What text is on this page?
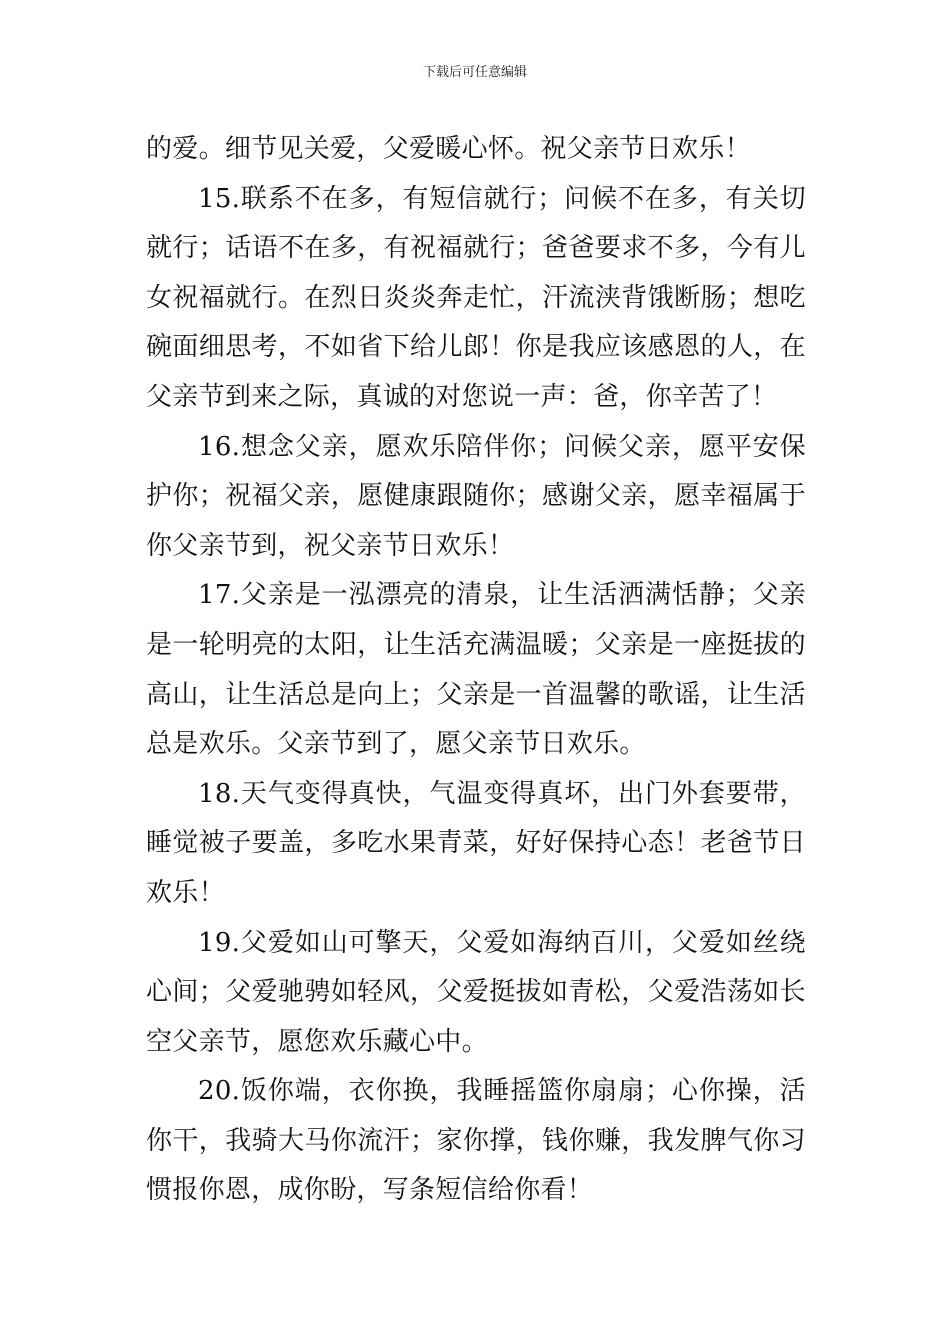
下载后可任意编辑

的爱。细节见关爱，父爱暖心怀。祝父亲节日欢乐！

15.联系不在多，有短信就行；问候不在多，有关切就行；话语不在多，有祝福就行；爸爸要求不多，今有儿女祝福就行。在烈日炎炎奔走忙，汗流浃背饿断肠；想吃碗面细思考，不如省下给儿郎！你是我应该感恩的人，在父亲节到来之际，真诚的对您说一声：爸，你辛苦了！

16.想念父亲，愿欢乐陪伴你；问候父亲，愿平安保护你；祝福父亲，愿健康跟随你；感谢父亲，愿幸福属于你父亲节到，祝父亲节日欢乐！

17.父亲是一泓漂亮的清泉，让生活洒满恬静；父亲是一轮明亮的太阳，让生活充满温暖；父亲是一座挺拔的高山，让生活总是向上；父亲是一首温馨的歌谣，让生活总是欢乐。父亲节到了，愿父亲节日欢乐。

18.天气变得真快，气温变得真坏，出门外套要带，睡觉被子要盖，多吃水果青菜，好好保持心态！老爸节日欢乐！

19.父爱如山可擎天，父爱如海纳百川，父爱如丝绕心间；父爱驰骋如轻风，父爱挺拔如青松，父爱浩荡如长空父亲节，愿您欢乐藏心中。

20.饭你端，衣你换，我睡摇篮你扇扇；心你操，活你干，我骑大马你流汗；家你撑，钱你赚，我发脾气你习惯报你恩，成你盼，写条短信给你看！
